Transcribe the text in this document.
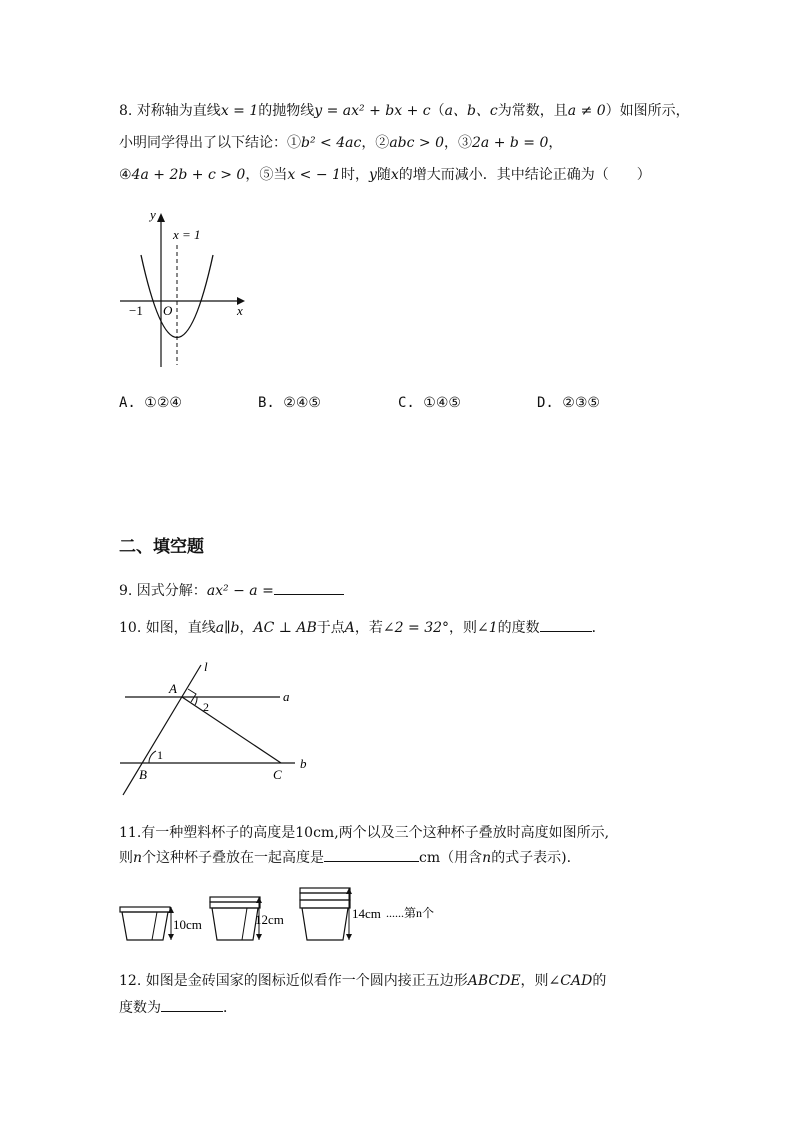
8. 对称轴为直线x = 1的抛物线y = ax² + bx + c（a、b、c为常数，且a ≠ 0）如图所示，
小明同学得出了以下结论：①b² < 4ac，②abc > 0，③2a + b = 0，
④4a + 2b + c > 0，⑤当x < − 1时，y随x的增大而减小．其中结论正确为（　　）
y
x
x = 1
O
−1
A. ①②④	B. ②④⑤	C. ①④⑤	D. ②③⑤
二、填空题
9. 因式分解：ax² − a =
10. 如图，直线a∥b，AC ⊥ AB于点A，若∠2 = 32°，则∠1的度数	．
l
a
b
A
B	C
1
2
11.有一种塑料杯子的高度是10cm,两个以及三个这种杯子叠放时高度如图所示,
则n个这种杯子叠放在一起高度是	cm（用含n的式子表示).
10cm	12cm	14cm ......第n个
12. 如图是金砖国家的图标近似看作一个圆内接正五边形ABCDE，则∠CAD的
度数为	．
